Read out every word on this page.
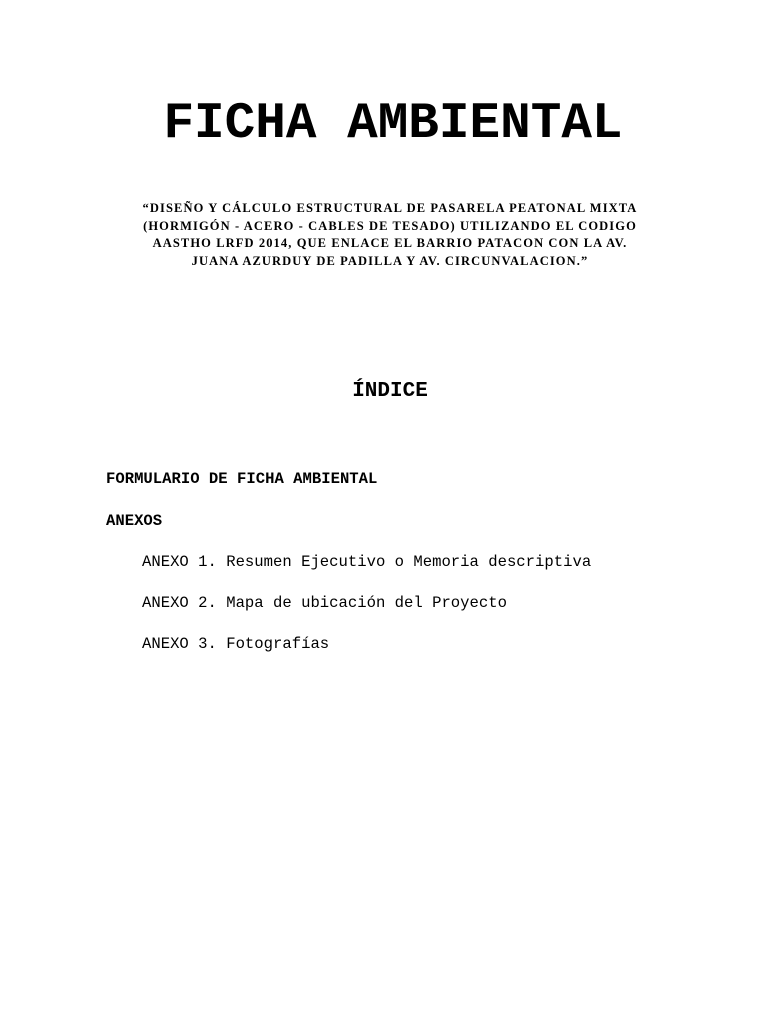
FICHA AMBIENTAL
“DISEÑO Y CÁLCULO ESTRUCTURAL DE PASARELA PEATONAL MIXTA
(HORMIGÓN - ACERO - CABLES DE TESADO) UTILIZANDO EL CODIGO
AASTHO LRFD 2014, QUE ENLACE EL BARRIO PATACON CON LA AV.
JUANA AZURDUY DE PADILLA Y AV. CIRCUNVALACION.”
ÍNDICE
FORMULARIO DE FICHA AMBIENTAL
ANEXOS
ANEXO 1. Resumen Ejecutivo o Memoria descriptiva
ANEXO 2. Mapa de ubicación del Proyecto
ANEXO 3. Fotografías
